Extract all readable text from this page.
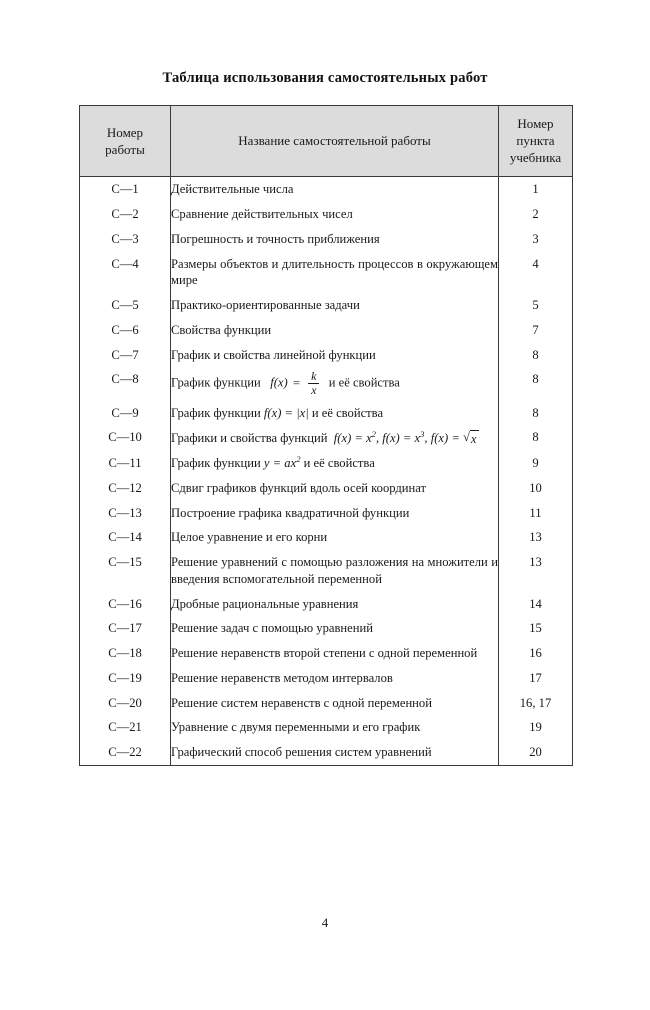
Таблица использования самостоятельных работ
Номер
работы	Название самостоятельной работы	Номер
пункта
учебника
С—1	Действительные числа	1
С—2	Сравнение действительных чисел	2
С—3	Погрешность и точность приближения	3
С—4	Размеры объектов и длительность процессов в окружающем мире	4
С—5	Практико-ориентированные задачи	5
С—6	Свойства функции	7
С—7	График и свойства линейной функции	8
С—8	График функции $f(x) = \frac{k}{x}$ и её свойства	8
С—9	График функции f(x) = |x| и её свойства	8
С—10	Графики и свойства функций $f(x) = x^2$, $f(x) = x^3$, f(x) = √x	8
С—11	График функции $y = ax^2$ и её свойства	9
С—12	Сдвиг графиков функций вдоль осей координат	10
С—13	Построение графика квадратичной функции	11
С—14	Целое уравнение и его корни	13
С—15	Решение уравнений с помощью разложения на множители и введения вспомогательной переменной	13
С—16	Дробные рациональные уравнения	14
С—17	Решение задач с помощью уравнений	15
С—18	Решение неравенств второй степени с одной переменной	16
С—19	Решение неравенств методом интервалов	17
С—20	Решение систем неравенств с одной переменной	16, 17
С—21	Уравнение с двумя переменными и его график	19
С—22	Графический способ решения систем уравнений	20
4
